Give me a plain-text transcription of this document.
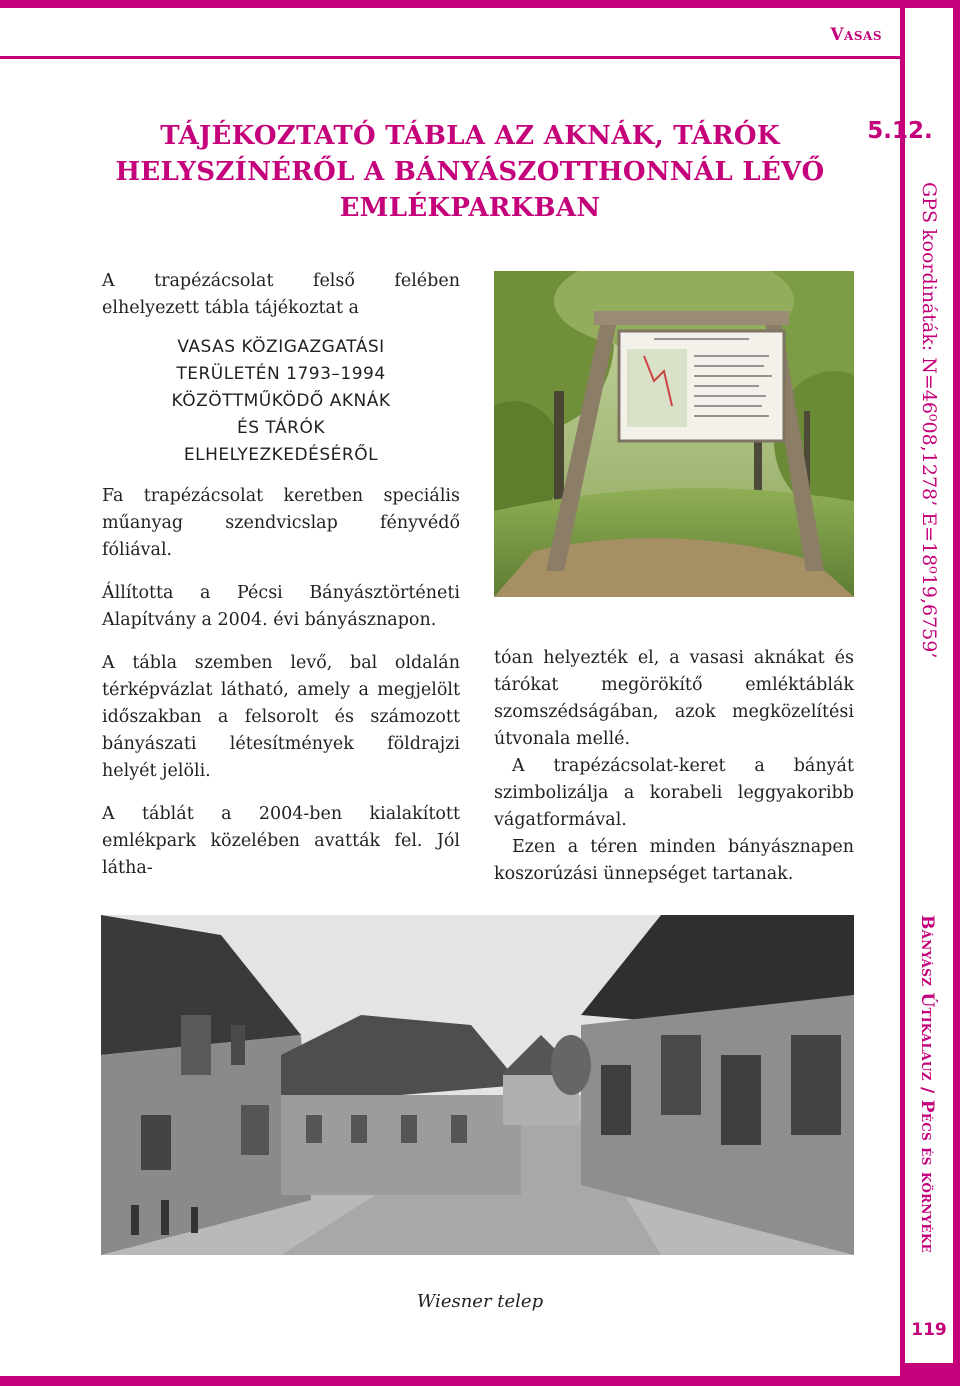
Vasas
5.12.
GPS koordináták: N=46⁰08,1278’ E=18⁰19,6759’
Bányász Útikalauz / Pécs és környéke
119
TÁJÉKOZTATÓ TÁBLA AZ AKNÁK, TÁRÓK
HELYSZÍNÉRŐL A BÁNYÁSZOTTHONNÁL LÉVŐ
EMLÉKPARKBAN

A trapézácsolat felső felében elhelyezett tábla tájékoztat a

VASAS KÖZIGAZGATÁSI
TERÜLETÉN 1793–1994
KÖZÖTTMŰKÖDŐ AKNÁK
ÉS TÁRÓK
ELHELYEZKEDÉSÉRŐL

Fa trapézácsolat keretben speciális műanyag szendvicslap fényvédő fóliával.

Állította a Pécsi Bányásztörténeti Alapítvány a 2004. évi bányásznapon.

A tábla szemben levő, bal oldalán térképvázlat látható, amely a megjelölt időszakban a felsorolt és számozott bányászati létesítmények földrajzi helyét jelöli.

A táblát a 2004-ben kialakított emlékpark közelében avatták fel. Jól látha-

tóan helyezték el, a vasasi aknákat és tárókat megörökítő emléktáblák szomszédságában, azok megközelítési útvonala mellé.

A trapézácsolat-keret a bányát szimbolizálja a korabeli leggyakoribb vágatformával.

Ezen a téren minden bányásznapen koszorúzási ünnepséget tartanak.

Wiesner telep
